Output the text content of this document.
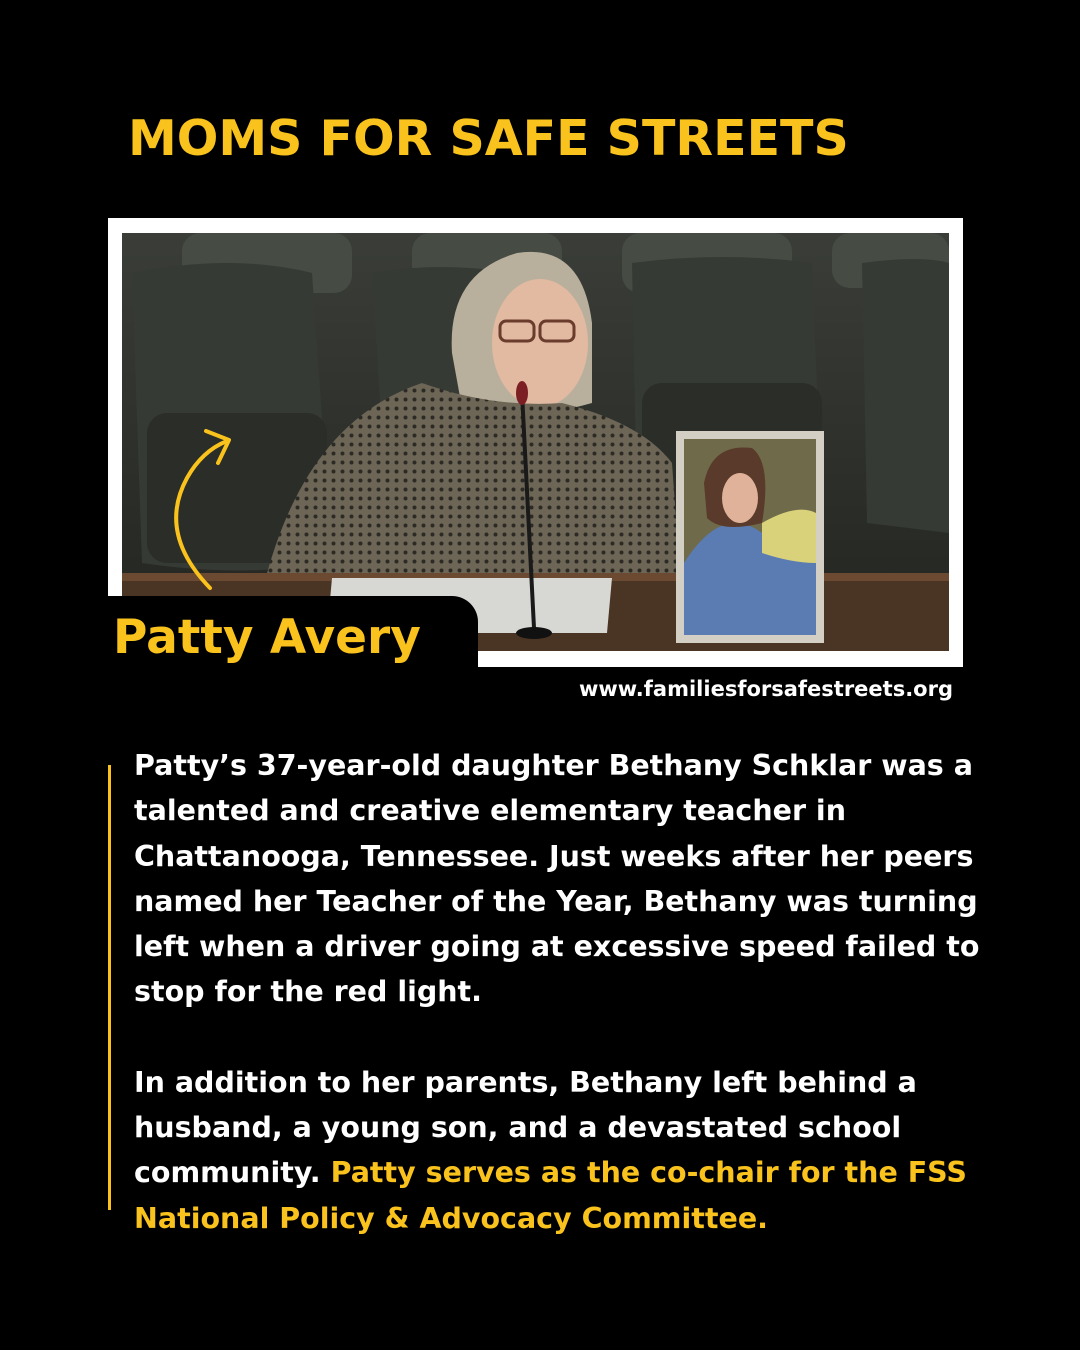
MOMS FOR SAFE STREETS
Patty Avery
www.familiesforsafestreets.org

Patty’s 37-year-old daughter Bethany Schklar was a talented and creative elementary teacher in Chattanooga, Tennessee. Just weeks after her peers named her Teacher of the Year, Bethany was turning left when a driver going at excessive speed failed to stop for the red light.

In addition to her parents, Bethany left behind a husband, a young son, and a devastated school community. Patty serves as the co-chair for the FSS National Policy & Advocacy Committee.
